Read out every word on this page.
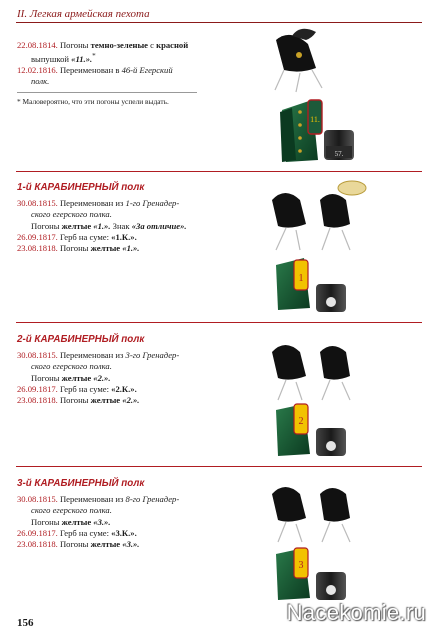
II. Легкая армейская пехота
22.08.1814. Погоны темно-зеленые с красной
выпушкой «11.».*
12.02.1816. Переименован в 46-й Егерский
полк.
* Маловероятно, что эти погоны успели выдать.
1-й КАРАБИНЕРНЫЙ полк
30.08.1815. Переименован из 1-го Гренадер-
ского егерского полка.
Погоны желтые «1.». Знак «За отличие».
26.09.1817. Герб на суме: «1.К.».
23.08.1818. Погоны желтые «1.».
2-й КАРАБИНЕРНЫЙ полк
30.08.1815. Переименован из 3-го Гренадер-
ского егерского полка.
Погоны желтые «2.».
26.09.1817. Герб на суме: «2.К.».
23.08.1818. Погоны желтые «2.».
3-й КАРАБИНЕРНЫЙ полк
30.08.1815. Переименован из 8-го Гренадер-
ского егерского полка.
Погоны желтые «3.».
26.09.1817. Герб на суме: «3.К.».
23.08.1818. Погоны желтые «3.».
11.
57.
1
2
3
156	Nacekomie.ru
